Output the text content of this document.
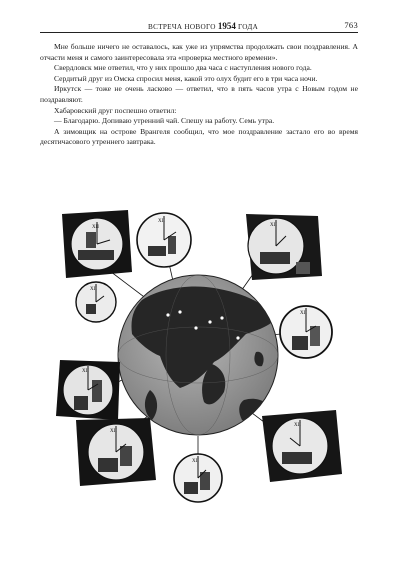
ВСТРЕЧА НОВОГО 1954 ГОДА	763

Мне больше ничего не оставалось, как уже из упрямства продолжать свои поздравления. А отчасти меня и самого заинтересовала эта «проверка местного времени».

Свердловск мне ответил, что у них прошло два часа с наступления нового года.

Сердитый друг из Омска спросил меня, какой это олух будит его в три часа ночи.

Иркутск — тоже не очень ласково — ответил, что в пять часов утра с Новым годом не поздравляют.

Хабаровский друг поспешно ответил:

— Благодарю. Допиваю утренний чай. Спешу на работу. Семь утра.

А зимовщик на острове Врангеля сообщил, что мое поздравление застало его во время десятичасового утреннего завтрака.

XII
XII
XII
XII
XII
XII
XII
XII
XII
